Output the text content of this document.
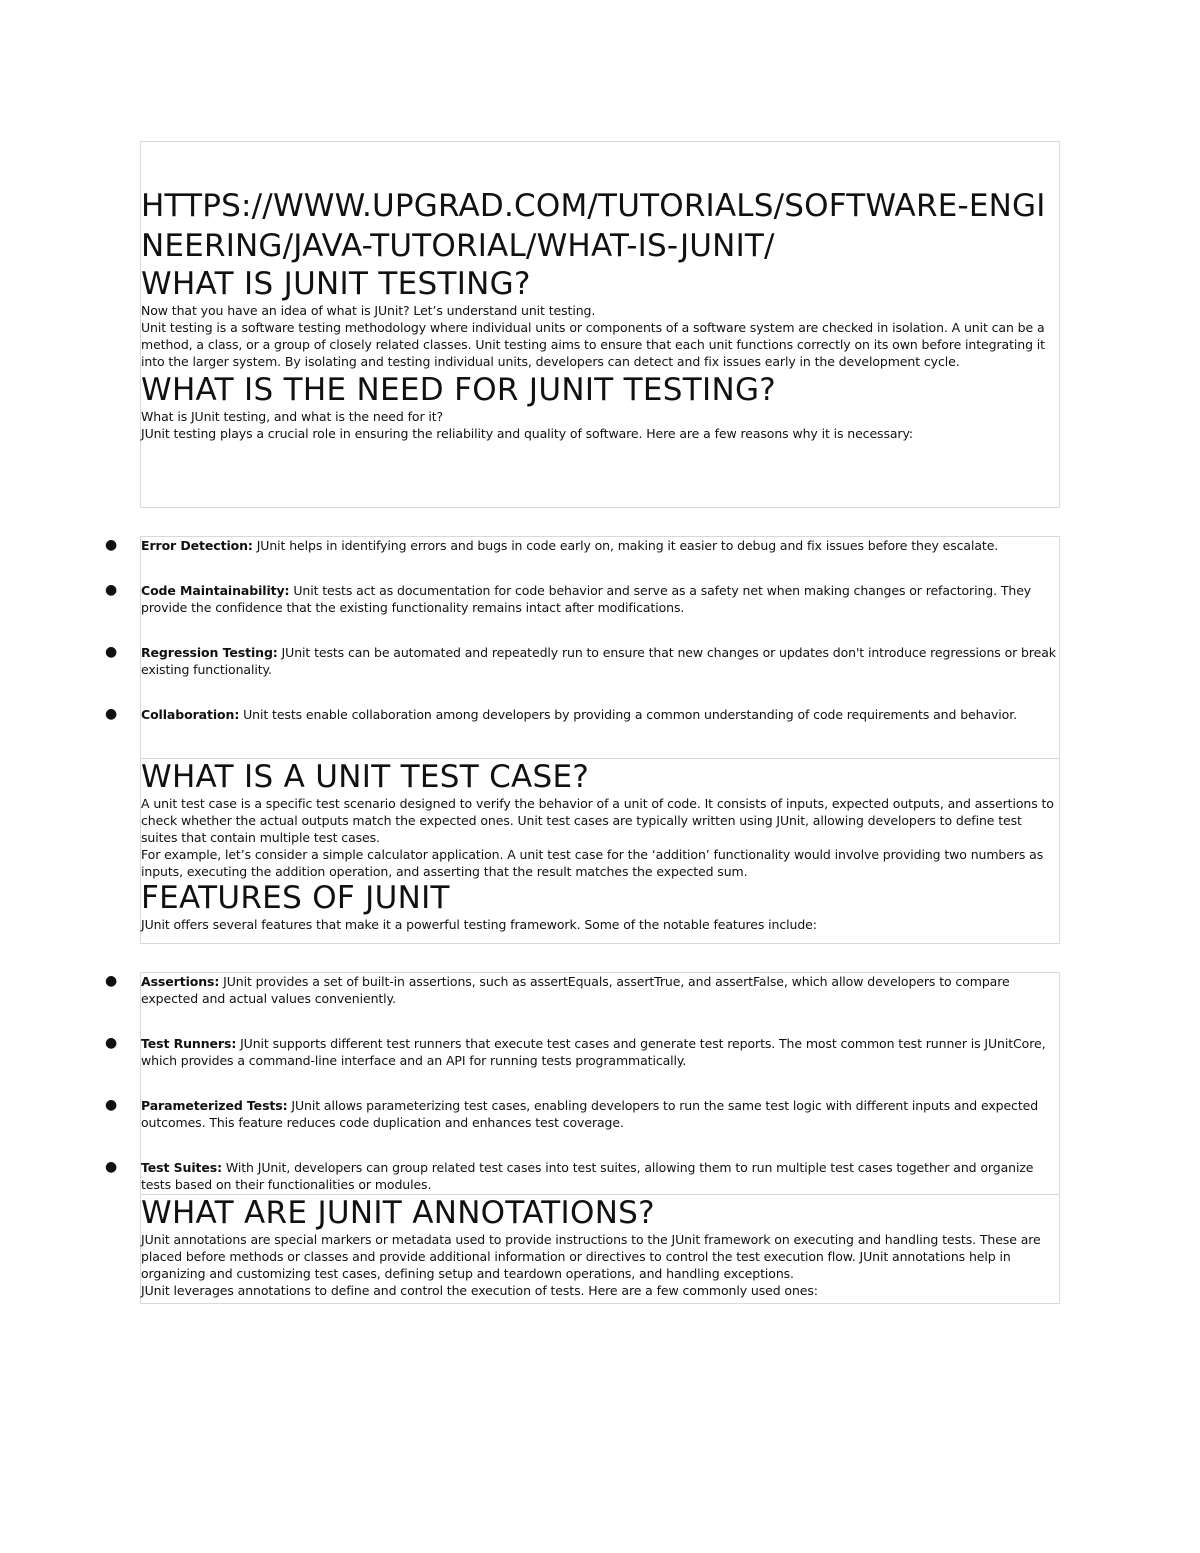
HTTPS://WWW.UPGRAD.COM/TUTORIALS/SOFTWARE-ENGINEERING/JAVA-TUTORIAL/WHAT-IS-JUNIT/
WHAT IS JUNIT TESTING?

Now that you have an idea of what is JUnit? Let’s understand unit testing.

Unit testing is a software testing methodology where individual units or components of a software system are checked in isolation. A unit can be a method, a class, or a group of closely related classes. Unit testing aims to ensure that each unit functions correctly on its own before integrating it into the larger system. By isolating and testing individual units, developers can detect and fix issues early in the development cycle.

WHAT IS THE NEED FOR JUNIT TESTING?

What is JUnit testing, and what is the need for it?

JUnit testing plays a crucial role in ensuring the reliability and quality of software. Here are a few reasons why it is necessary:

● Error Detection: JUnit helps in identifying errors and bugs in code early on, making it easier to debug and fix issues before they escalate.
● Code Maintainability: Unit tests act as documentation for code behavior and serve as a safety net when making changes or refactoring. They provide the confidence that the existing functionality remains intact after modifications.
● Regression Testing: JUnit tests can be automated and repeatedly run to ensure that new changes or updates don't introduce regressions or break existing functionality.
● Collaboration: Unit tests enable collaboration among developers by providing a common understanding of code requirements and behavior.
WHAT IS A UNIT TEST CASE?

A unit test case is a specific test scenario designed to verify the behavior of a unit of code. It consists of inputs, expected outputs, and assertions to check whether the actual outputs match the expected ones. Unit test cases are typically written using JUnit, allowing developers to define test suites that contain multiple test cases.

For example, let’s consider a simple calculator application. A unit test case for the ‘addition’ functionality would involve providing two numbers as inputs, executing the addition operation, and asserting that the result matches the expected sum.

FEATURES OF JUNIT

JUnit offers several features that make it a powerful testing framework. Some of the notable features include:

● Assertions: JUnit provides a set of built-in assertions, such as assertEquals, assertTrue, and assertFalse, which allow developers to compare expected and actual values conveniently.
● Test Runners: JUnit supports different test runners that execute test cases and generate test reports. The most common test runner is JUnitCore, which provides a command-line interface and an API for running tests programmatically.
● Parameterized Tests: JUnit allows parameterizing test cases, enabling developers to run the same test logic with different inputs and expected outcomes. This feature reduces code duplication and enhances test coverage.
● Test Suites: With JUnit, developers can group related test cases into test suites, allowing them to run multiple test cases together and organize tests based on their functionalities or modules.
WHAT ARE JUNIT ANNOTATIONS?

JUnit annotations are special markers or metadata used to provide instructions to the JUnit framework on executing and handling tests. These are placed before methods or classes and provide additional information or directives to control the test execution flow. JUnit annotations help in organizing and customizing test cases, defining setup and teardown operations, and handling exceptions.

JUnit leverages annotations to define and control the execution of tests. Here are a few commonly used ones:
